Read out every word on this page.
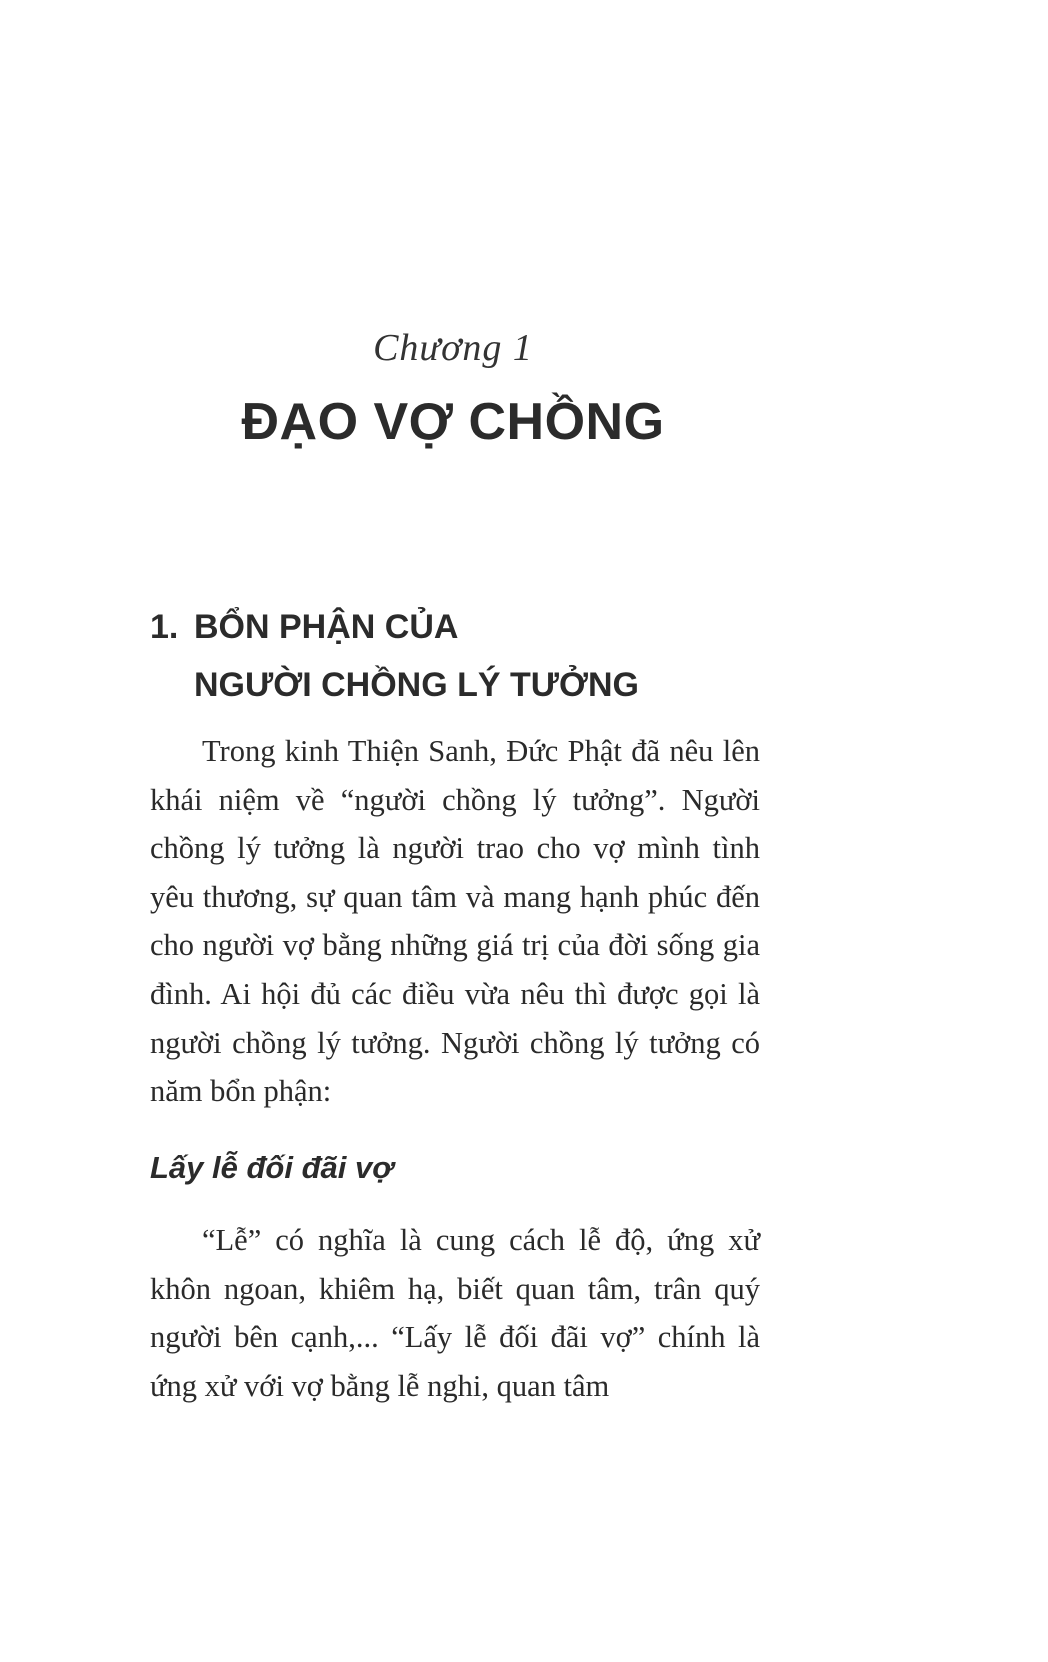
Chương 1
ĐẠO VỢ CHỒNG
1. BỔN PHẬN CỦA
NGƯỜI CHỒNG LÝ TƯỞNG
Trong kinh Thiện Sanh, Đức Phật đã nêu lên khái niệm về “người chồng lý tưởng”. Người chồng lý tưởng là người trao cho vợ mình tình yêu thương, sự quan tâm và mang hạnh phúc đến cho người vợ bằng những giá trị của đời sống gia đình. Ai hội đủ các điều vừa nêu thì được gọi là người chồng lý tưởng. Người chồng lý tưởng có năm bổn phận:
Lấy lễ đối đãi vợ
“Lễ” có nghĩa là cung cách lễ độ, ứng xử khôn ngoan, khiêm hạ, biết quan tâm, trân quý người bên cạnh,... “Lấy lễ đối đãi vợ” chính là ứng xử với vợ bằng lễ nghi, quan tâm
